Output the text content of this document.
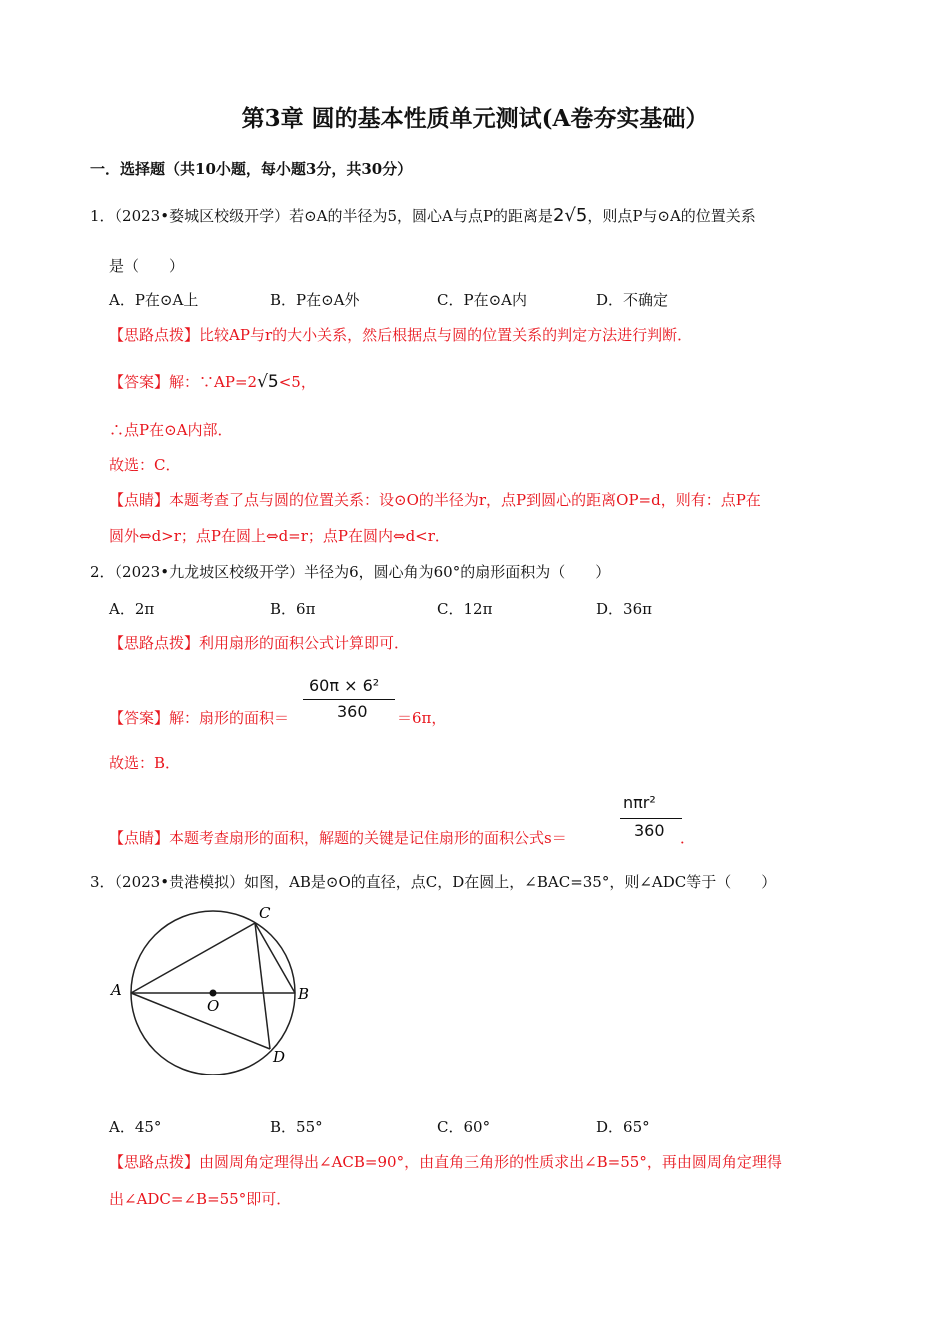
第3章 圆的基本性质单元测试(A卷夯实基础）
一．选择题（共10小题，每小题3分，共30分）
1．（2023•婺城区校级开学）若⊙A的半径为5，圆心A与点P的距离是2√5，则点P与⊙A的位置关系
是（　　）
A．P在⊙A上	B．P在⊙A外	C．P在⊙A内	D．不确定
【思路点拨】比较AP与r的大小关系，然后根据点与圆的位置关系的判定方法进行判断．
【答案】解：∵AP=2√5<5，
∴点P在⊙A内部．
故选：C．
【点睛】本题考查了点与圆的位置关系：设⊙O的半径为r，点P到圆心的距离OP=d，则有：点P在
圆外⇔d>r；点P在圆上⇔d=r；点P在圆内⇔d<r．
2．（2023•九龙坡区校级开学）半径为6，圆心角为60°的扇形面积为（　　）
A．2π	B．6π	C．12π	D．36π
【思路点拨】利用扇形的面积公式计算即可．
60π × 6²
360
【答案】解：扇形的面积＝	＝6π，
故选：B．
nπr²
360
【点睛】本题考查扇形的面积，解题的关键是记住扇形的面积公式s＝	．
3．（2023•贵港模拟）如图，AB是⊙O的直径，点C，D在圆上，∠BAC=35°，则∠ADC等于（　　）
A	B
C
D
O
A．45°	B．55°	C．60°	D．65°
【思路点拨】由圆周角定理得出∠ACB=90°，由直角三角形的性质求出∠B=55°，再由圆周角定理得
出∠ADC=∠B=55°即可．
